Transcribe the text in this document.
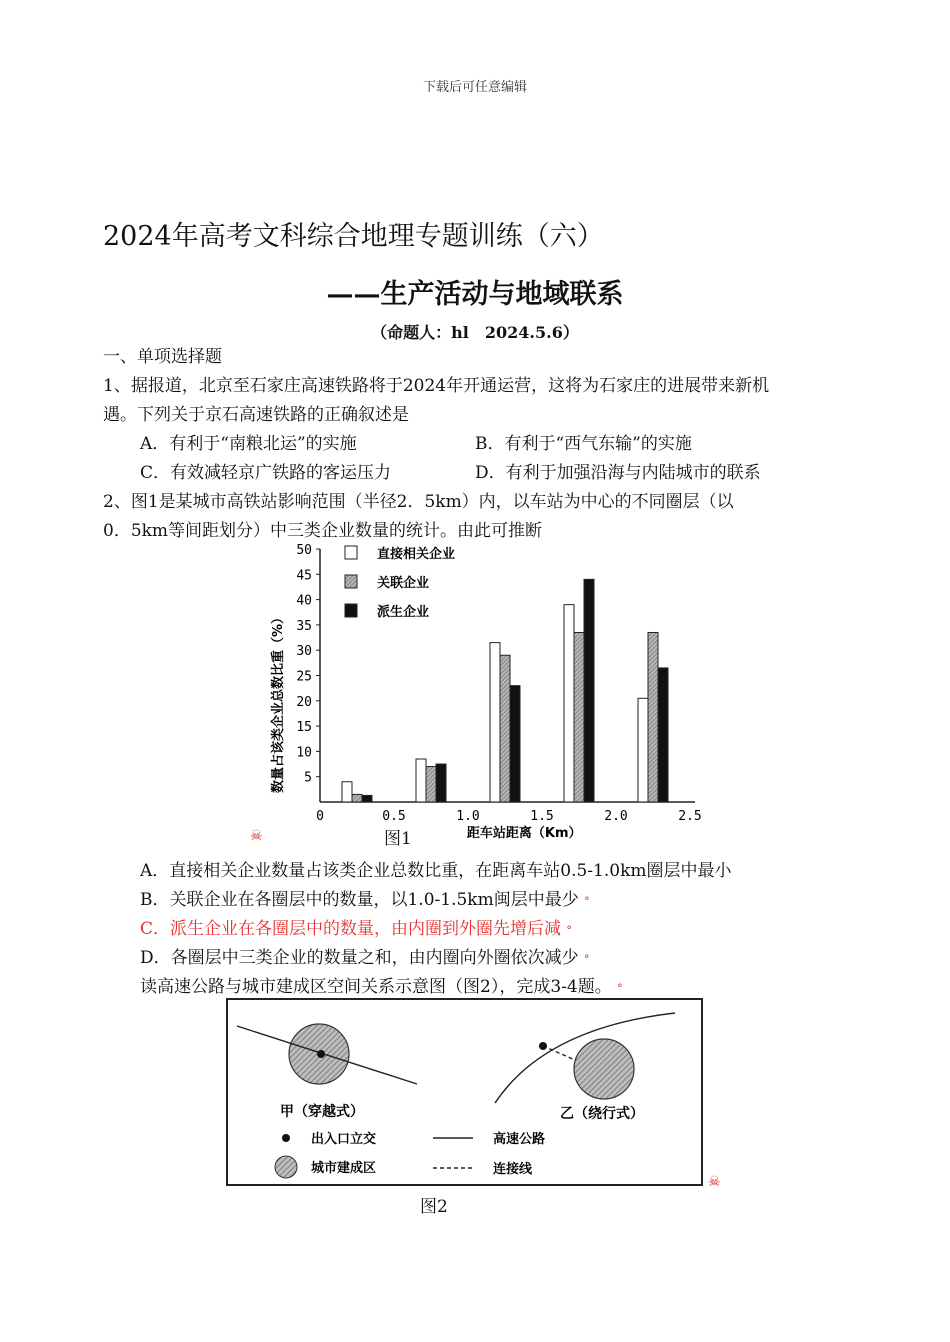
下载后可任意编辑
2024年高考文科综合地理专题训练（六）
——生产活动与地域联系
（命题人：hl　2024.5.6）
一、单项选择题
1、据报道，北京至石家庄高速铁路将于2024年开通运营，这将为石家庄的进展带来新机
遇。下列关于京石高速铁路的正确叙述是
A．有利于“南粮北运”的实施	B．有利于“西气东输”的实施
C．有效减轻京广铁路的客运压力	D．有利于加强沿海与内陆城市的联系
2、图1是某城市高铁站影响范围（半径2．5km）内，以车站为中心的不同圈层（以
0．5km等间距划分）中三类企业数量的统计。由此可推断
5
10
15
20
25
30
35
40
45
50
0	0.5	1.0	1.5	2.0	2.5
数量占该类企业总数比重（%）
距车站距离（Km）
直接相关企业
关联企业
派生企业
图1
☠
A．直接相关企业数量占该类企业总数比重，在距离车站0.5-1.0km圈层中最小
B．关联企业在各圈层中的数量，以1.0-1.5km闽层中最少 °
C．派生企业在各圈层中的数量，由内圈到外圈先增后减 °
D．各圈层中三类企业的数量之和，由内圈向外圈依次减少 °
读高速公路与城市建成区空间关系示意图（图2），完成3-4题。 °
甲（穿越式）	乙（绕行式）
出入口立交	高速公路
城市建成区	连接线
☠
图2
